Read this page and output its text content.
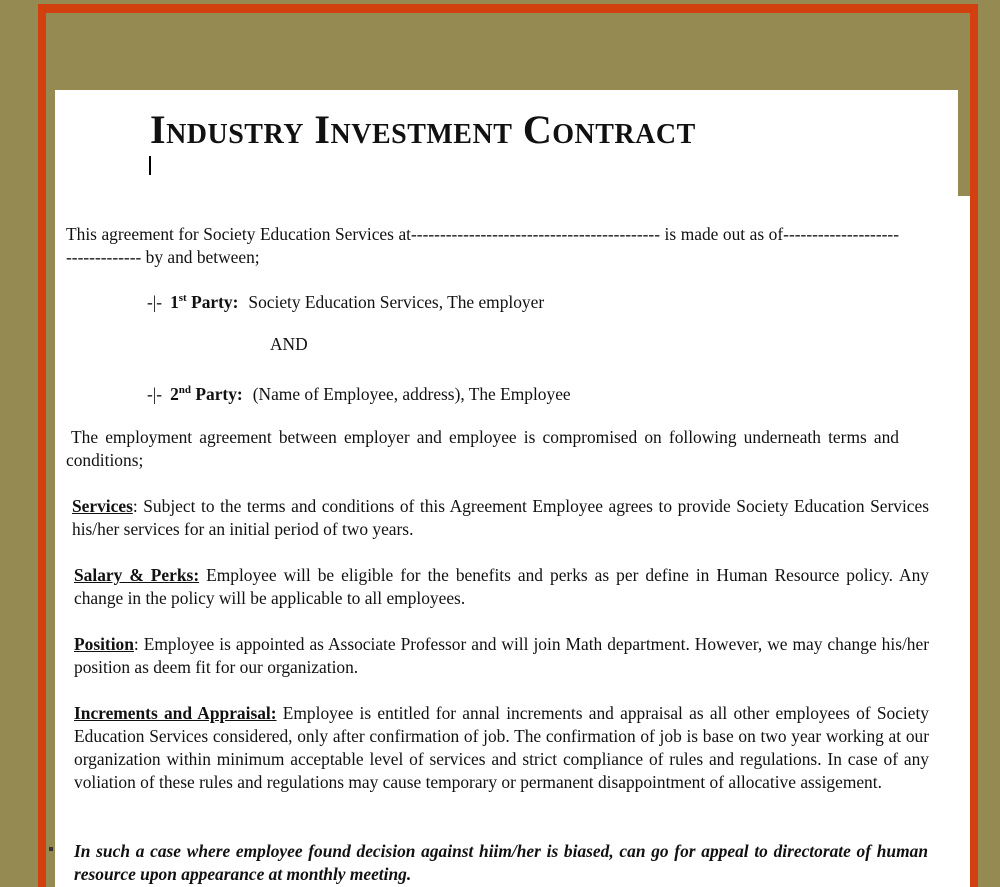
Industry Investment Contract

This agreement for Society Education Services at------------------------------------------- is made out as of--------------------------------- by and between;

-|- 1st Party: Society Education Services, The employer
AND
-|- 2nd Party: (Name of Employee, address), The Employee

The employment agreement between employer and employee is compromised on following underneath terms and conditions;

Services: Subject to the terms and conditions of this Agreement Employee agrees to provide Society Education Services his/her services for an initial period of two years.

Salary & Perks: Employee will be eligible for the benefits and perks as per define in Human Resource policy. Any change in the policy will be applicable to all employees.

Position: Employee is appointed as Associate Professor and will join Math department. However, we may change his/her position as deem fit for our organization.

Increments and Appraisal: Employee is entitled for annal increments and appraisal as all other employees of Society Education Services considered, only after confirmation of job. The confirmation of job is base on two year working at our organization within minimum acceptable level of services and strict compliance of rules and regulations. In case of any voliation of these rules and regulations may cause temporary or permanent disappointment of allocative assigement.

In such a case where employee found decision against hiim/her is biased, can go for appeal to directorate of human resource upon appearance at monthly meeting.
